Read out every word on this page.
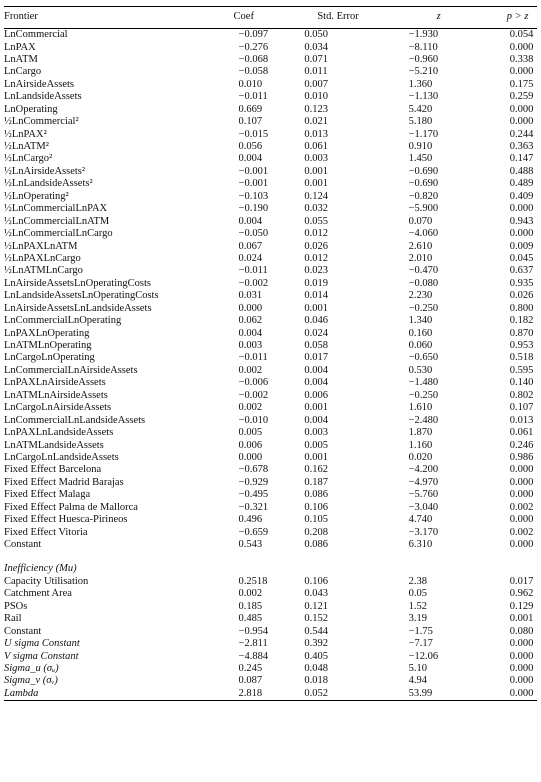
Frontier	Coef	Std. Error	z	p > z
LnCommercial	−0.097	0.050	−1.930	0.054
LnPAX	−0.276	0.034	−8.110	0.000
LnATM	−0.068	0.071	−0.960	0.338
LnCargo	−0.058	0.011	−5.210	0.000
LnAirsideAssets	0.010	0.007	1.360	0.175
LnLandsideAssets	−0.011	0.010	−1.130	0.259
LnOperating	0.669	0.123	5.420	0.000
½LnCommercial²	0.107	0.021	5.180	0.000
½LnPAX²	−0.015	0.013	−1.170	0.244
½LnATM²	0.056	0.061	0.910	0.363
½LnCargo²	0.004	0.003	1.450	0.147
½LnAirsideAssets²	−0.001	0.001	−0.690	0.488
½LnLandsideAssets²	−0.001	0.001	−0.690	0.489
½LnOperating²	−0.103	0.124	−0.820	0.409
½LnCommercialLnPAX	−0.190	0.032	−5.900	0.000
½LnCommercialLnATM	0.004	0.055	0.070	0.943
½LnCommercialLnCargo	−0.050	0.012	−4.060	0.000
½LnPAXLnATM	0.067	0.026	2.610	0.009
½LnPAXLnCargo	0.024	0.012	2.010	0.045
½LnATMLnCargo	−0.011	0.023	−0.470	0.637
LnAirsideAssetsLnOperatingCosts	−0.002	0.019	−0.080	0.935
LnLandsideAssetsLnOperatingCosts	0.031	0.014	2.230	0.026
LnAirsideAssetsLnLandsideAssets	0.000	0.001	−0.250	0.800
LnCommercialLnOperating	0.062	0.046	1.340	0.182
LnPAXLnOperating	0.004	0.024	0.160	0.870
LnATMLnOperating	0.003	0.058	0.060	0.953
LnCargoLnOperating	−0.011	0.017	−0.650	0.518
LnCommercialLnAirsideAssets	0.002	0.004	0.530	0.595
LnPAXLnAirsideAssets	−0.006	0.004	−1.480	0.140
LnATMLnAirsideAssets	−0.002	0.006	−0.250	0.802
LnCargoLnAirsideAssets	0.002	0.001	1.610	0.107
LnCommercialLnLandsideAssets	−0.010	0.004	−2.480	0.013
LnPAXLnLandsideAssets	0.005	0.003	1.870	0.061
LnATMLandsideAssets	0.006	0.005	1.160	0.246
LnCargoLnLandsideAssets	0.000	0.001	0.020	0.986
Fixed Effect Barcelona	−0.678	0.162	−4.200	0.000
Fixed Effect Madrid Barajas	−0.929	0.187	−4.970	0.000
Fixed Effect Malaga	−0.495	0.086	−5.760	0.000
Fixed Effect Palma de Mallorca	−0.321	0.106	−3.040	0.002
Fixed Effect Huesca-Pirineos	0.496	0.105	4.740	0.000
Fixed Effect Vitoria	−0.659	0.208	−3.170	0.002
Constant	0.543	0.086	6.310	0.000

Inefficiency (Mu)				
Capacity Utilisation	0.2518	0.106	2.38	0.017
Catchment Area	0.002	0.043	0.05	0.962
PSOs	0.185	0.121	1.52	0.129
Rail	0.485	0.152	3.19	0.001
Constant	−0.954	0.544	−1.75	0.080
U sigma Constant	−2.811	0.392	−7.17	0.000
V sigma Constant	−4.884	0.405	−12.06	0.000
Sigma_u (σᵤ)	0.245	0.048	5.10	0.000
Sigma_v (σᵥ)	0.087	0.018	4.94	0.000
Lambda	2.818	0.052	53.99	0.000
